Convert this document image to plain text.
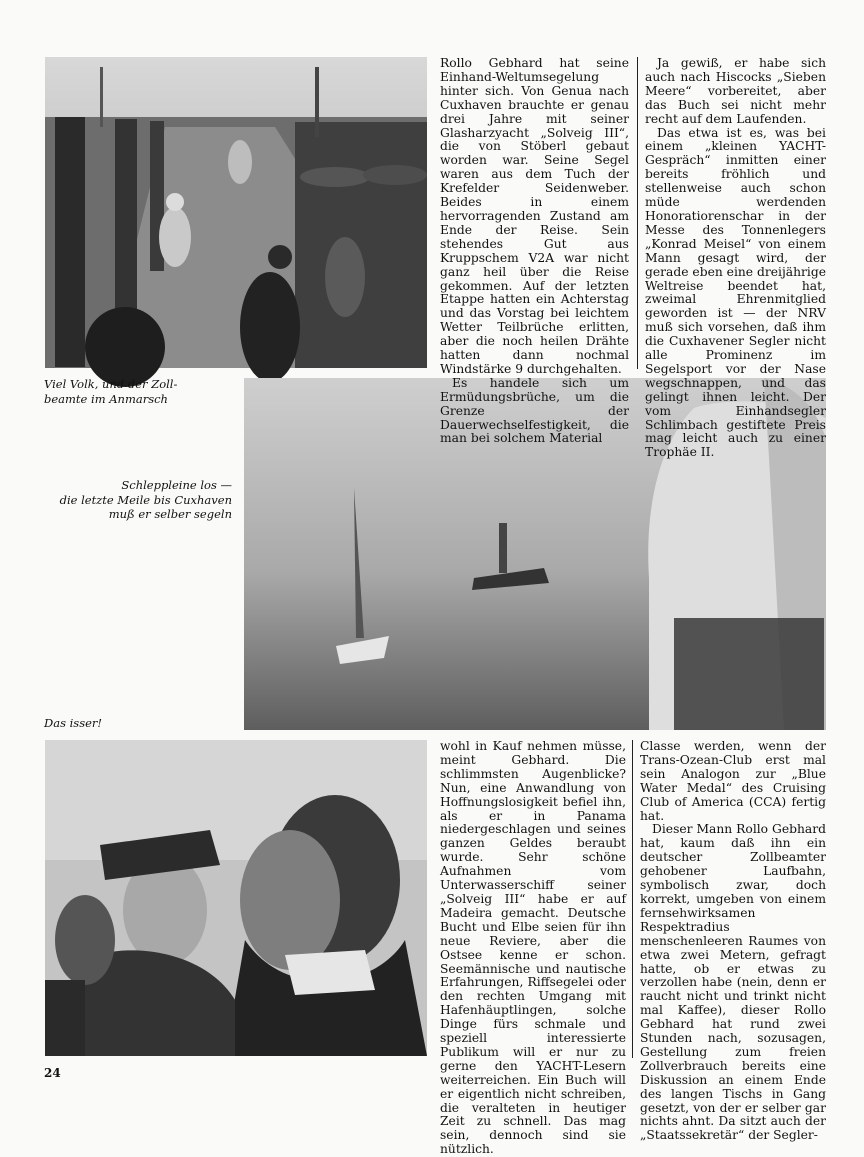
Viel Volk, und der Zoll-
beamte im Anmarsch
Schleppleine los —
die letzte Meile bis Cuxhaven
muß er selber segeln
Das isser!

Rollo Gebhard hat seine Einhand-Weltumsegelung hinter sich. Von Genua nach Cuxhaven brauchte er genau drei Jahre mit seiner Glasharzyacht „Solveig III“, die von Stöberl gebaut worden war. Seine Segel waren aus dem Tuch der Krefelder Seidenweber. Beides in einem hervorragenden Zustand am Ende der Reise. Sein stehendes Gut aus Kruppschem V2A war nicht ganz heil über die Reise gekommen. Auf der letzten Etappe hatten ein Achterstag und das Vorstag bei leichtem Wetter Teilbrüche erlitten, aber die noch heilen Drähte hatten dann nochmal Windstärke 9 durchgehalten.

Es handele sich um Ermüdungsbrüche, um die Grenze der Dauerwechselfestigkeit, die man bei solchem Material

Ja gewiß, er habe sich auch nach Hiscocks „Sieben Meere“ vorbereitet, aber das Buch sei nicht mehr recht auf dem Laufenden.

Das etwa ist es, was bei einem „kleinen YACHT-Gespräch“ inmitten einer bereits fröhlich und stellenweise auch schon müde werdenden Honoratiorenschar in der Messe des Tonnenlegers „Konrad Meisel“ von einem Mann gesagt wird, der gerade eben eine dreijährige Weltreise beendet hat, zweimal Ehrenmitglied geworden ist — der NRV muß sich vorsehen, daß ihm die Cuxhavener Segler nicht alle Prominenz im Segelsport vor der Nase wegschnappen, und das gelingt ihnen leicht. Der vom Einhandsegler Schlimbach gestiftete Preis mag leicht auch zu einer Trophäe II.

wohl in Kauf nehmen müsse, meint Gebhard. Die schlimmsten Augenblicke? Nun, eine Anwandlung von Hoffnungslosigkeit befiel ihn, als er in Panama niedergeschlagen und seines ganzen Geldes beraubt wurde. Sehr schöne Aufnahmen vom Unterwasserschiff seiner „Solveig III“ habe er auf Madeira gemacht. Deutsche Bucht und Elbe seien für ihn neue Reviere, aber die Ostsee kenne er schon. Seemännische und nautische Erfahrungen, Riffsegelei oder den rechten Umgang mit Hafenhäuptlingen, solche Dinge fürs schmale und speziell interessierte Publikum will er nur zu gerne den YACHT-Lesern weiterreichen. Ein Buch will er eigentlich nicht schreiben, die veralteten in heutiger Zeit zu schnell. Das mag sein, dennoch sind sie nützlich.

Classe werden, wenn der Trans-Ozean-Club erst mal sein Analogon zur „Blue Water Medal“ des Cruising Club of America (CCA) fertig hat.

Dieser Mann Rollo Gebhard hat, kaum daß ihn ein deutscher Zollbeamter gehobener Laufbahn, symbolisch zwar, doch korrekt, umgeben von einem fernsehwirksamen Respektradius menschenleeren Raumes von etwa zwei Metern, gefragt hatte, ob er etwas zu verzollen habe (nein, denn er raucht nicht und trinkt nicht mal Kaffee), dieser Rollo Gebhard hat rund zwei Stunden nach, sozusagen, Gestellung zum freien Zollverbrauch bereits eine Diskussion an einem Ende des langen Tischs in Gang gesetzt, von der er selber gar nichts ahnt. Da sitzt auch der „Staatssekretär“ der Segler-

24
